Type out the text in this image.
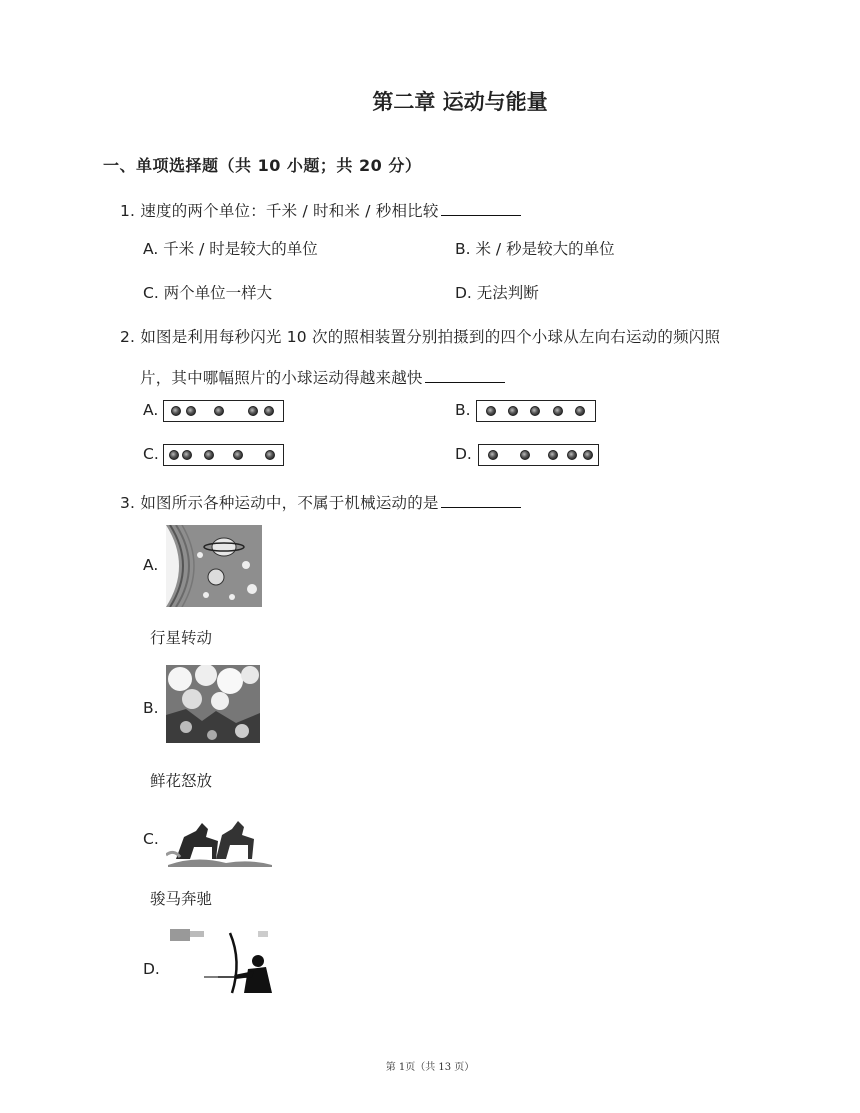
第二章 运动与能量
一、单项选择题（共 10 小题；共 20 分）
1. 速度的两个单位：千米 / 时和米 / 秒相比较
A. 千米 / 时是较大的单位	B. 米 / 秒是较大的单位
C. 两个单位一样大	D. 无法判断
2. 如图是利用每秒闪光 10 次的照相装置分别拍摄到的四个小球从左向右运动的频闪照
片，其中哪幅照片的小球运动得越来越快
A.	B.
C.	D.
3. 如图所示各种运动中，不属于机械运动的是
A.
行星转动
B.
鲜花怒放
C.
骏马奔驰
D.
第 1页（共 13 页）
